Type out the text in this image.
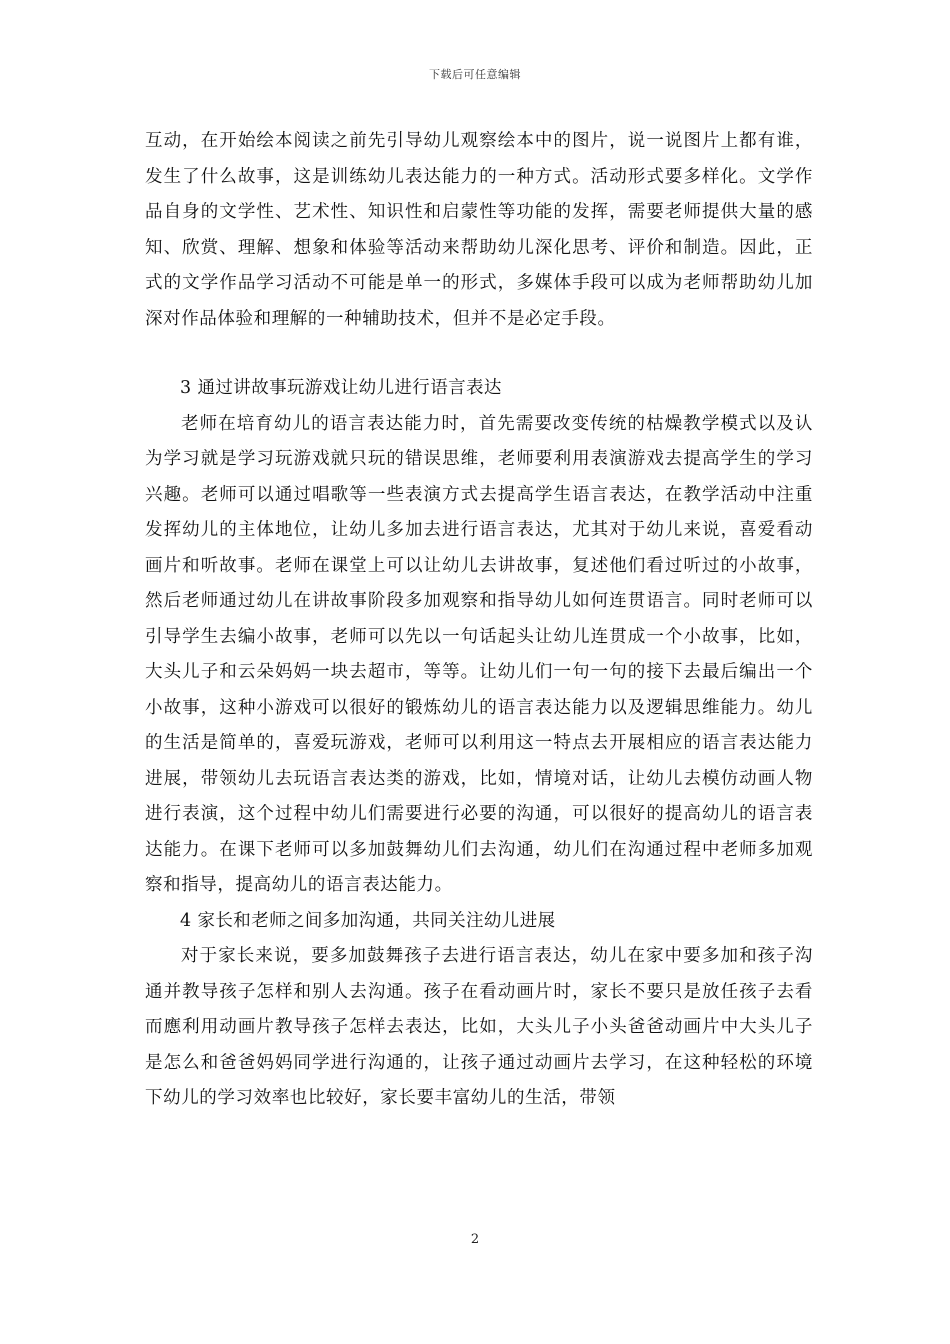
下载后可任意编辑

互动，在开始绘本阅读之前先引导幼儿观察绘本中的图片，说一说图片上都有谁，发生了什么故事，这是训练幼儿表达能力的一种方式。活动形式要多样化。文学作品自身的文学性、艺术性、知识性和启蒙性等功能的发挥，需要老师提供大量的感知、欣赏、理解、想象和体验等活动来帮助幼儿深化思考、评价和制造。因此，正式的文学作品学习活动不可能是单一的形式，多媒体手段可以成为老师帮助幼儿加深对作品体验和理解的一种辅助技术，但并不是必定手段。

3 通过讲故事玩游戏让幼儿进行语言表达

老师在培育幼儿的语言表达能力时，首先需要改变传统的枯燥教学模式以及认为学习就是学习玩游戏就只玩的错误思维，老师要利用表演游戏去提高学生的学习兴趣。老师可以通过唱歌等一些表演方式去提高学生语言表达，在教学活动中注重发挥幼儿的主体地位，让幼儿多加去进行语言表达，尤其对于幼儿来说，喜爱看动画片和听故事。老师在课堂上可以让幼儿去讲故事，复述他们看过听过的小故事，然后老师通过幼儿在讲故事阶段多加观察和指导幼儿如何连贯语言。同时老师可以引导学生去编小故事，老师可以先以一句话起头让幼儿连贯成一个小故事，比如，大头儿子和云朵妈妈一块去超市，等等。让幼儿们一句一句的接下去最后编出一个小故事，这种小游戏可以很好的锻炼幼儿的语言表达能力以及逻辑思维能力。幼儿的生活是简单的，喜爱玩游戏，老师可以利用这一特点去开展相应的语言表达能力进展，带领幼儿去玩语言表达类的游戏，比如，情境对话，让幼儿去模仿动画人物进行表演，这个过程中幼儿们需要进行必要的沟通，可以很好的提高幼儿的语言表达能力。在课下老师可以多加鼓舞幼儿们去沟通，幼儿们在沟通过程中老师多加观察和指导，提高幼儿的语言表达能力。

4 家长和老师之间多加沟通，共同关注幼儿进展

对于家长来说，要多加鼓舞孩子去进行语言表达，幼儿在家中要多加和孩子沟通并教导孩子怎样和别人去沟通。孩子在看动画片时，家长不要只是放任孩子去看而應利用动画片教导孩子怎样去表达，比如，大头儿子小头爸爸动画片中大头儿子是怎么和爸爸妈妈同学进行沟通的，让孩子通过动画片去学习，在这种轻松的环境下幼儿的学习效率也比较好，家长要丰富幼儿的生活，带领

2
